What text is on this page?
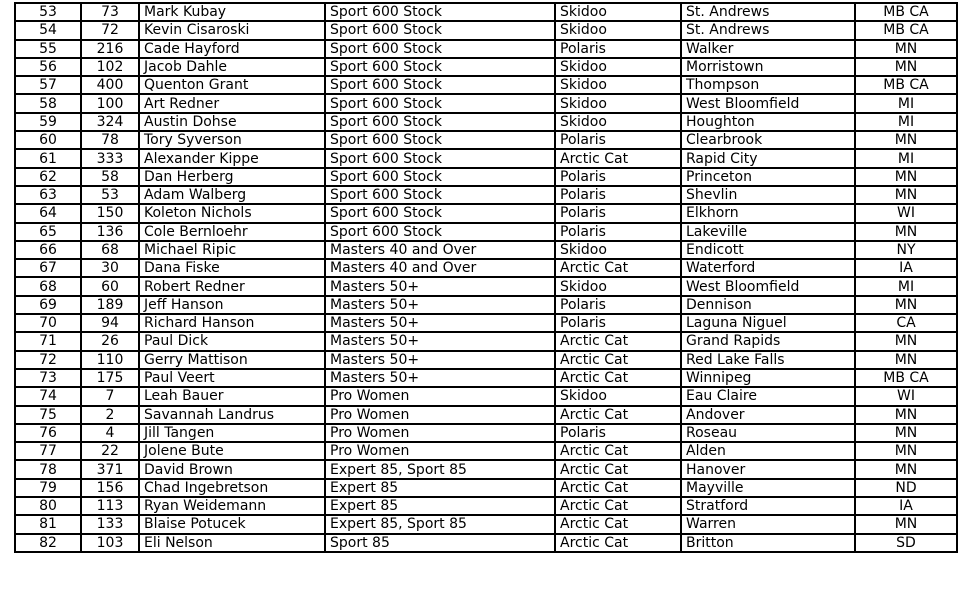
53	73	Mark Kubay	Sport 600 Stock	Skidoo	St. Andrews	MB CA
54	72	Kevin Cisaroski	Sport 600 Stock	Skidoo	St. Andrews	MB CA
55	216	Cade Hayford	Sport 600 Stock	Polaris	Walker	MN
56	102	Jacob Dahle	Sport 600 Stock	Skidoo	Morristown	MN
57	400	Quenton Grant	Sport 600 Stock	Skidoo	Thompson	MB CA
58	100	Art Redner	Sport 600 Stock	Skidoo	West Bloomfield	MI
59	324	Austin Dohse	Sport 600 Stock	Skidoo	Houghton	MI
60	78	Tory Syverson	Sport 600 Stock	Polaris	Clearbrook	MN
61	333	Alexander Kippe	Sport 600 Stock	Arctic Cat	Rapid City	MI
62	58	Dan Herberg	Sport 600 Stock	Polaris	Princeton	MN
63	53	Adam Walberg	Sport 600 Stock	Polaris	Shevlin	MN
64	150	Koleton Nichols	Sport 600 Stock	Polaris	Elkhorn	WI
65	136	Cole Bernloehr	Sport 600 Stock	Polaris	Lakeville	MN
66	68	Michael Ripic	Masters 40 and Over	Skidoo	Endicott	NY
67	30	Dana Fiske	Masters 40 and Over	Arctic Cat	Waterford	IA
68	60	Robert Redner	Masters 50+	Skidoo	West Bloomfield	MI
69	189	Jeff Hanson	Masters 50+	Polaris	Dennison	MN
70	94	Richard Hanson	Masters 50+	Polaris	Laguna Niguel	CA
71	26	Paul Dick	Masters 50+	Arctic Cat	Grand Rapids	MN
72	110	Gerry Mattison	Masters 50+	Arctic Cat	Red Lake Falls	MN
73	175	Paul Veert	Masters 50+	Arctic Cat	Winnipeg	MB CA
74	7	Leah Bauer	Pro Women	Skidoo	Eau Claire	WI
75	2	Savannah Landrus	Pro Women	Arctic Cat	Andover	MN
76	4	Jill Tangen	Pro Women	Polaris	Roseau	MN
77	22	Jolene Bute	Pro Women	Arctic Cat	Alden	MN
78	371	David Brown	Expert 85, Sport 85	Arctic Cat	Hanover	MN
79	156	Chad Ingebretson	Expert 85	Arctic Cat	Mayville	ND
80	113	Ryan Weidemann	Expert 85	Arctic Cat	Stratford	IA
81	133	Blaise Potucek	Expert 85, Sport 85	Arctic Cat	Warren	MN
82	103	Eli Nelson	Sport 85	Arctic Cat	Britton	SD
